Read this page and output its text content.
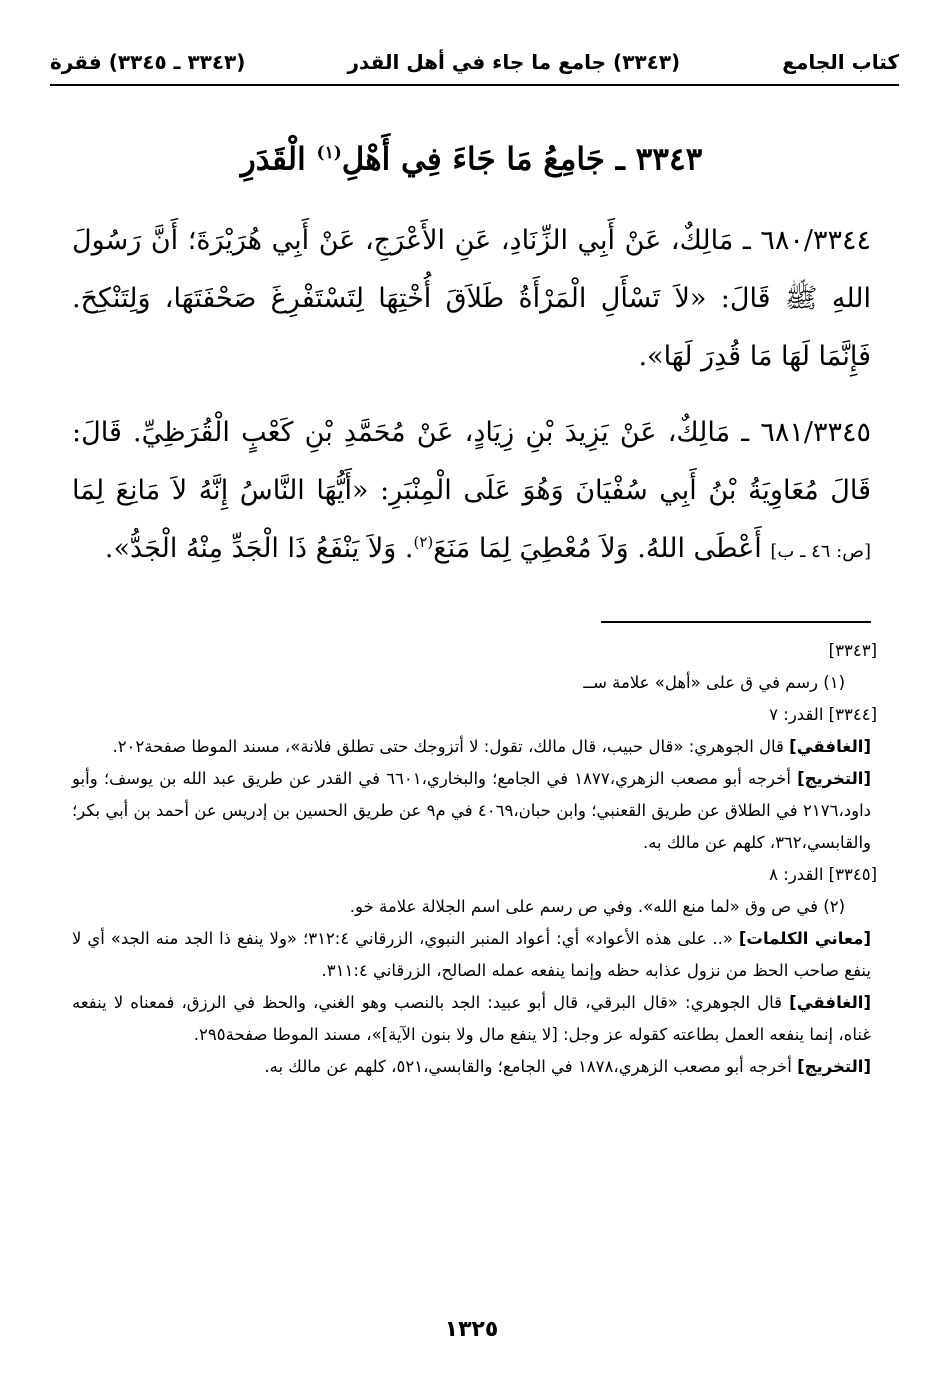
كتاب الجامع
(٣٣٤٣) جامع ما جاء في أهل القدر
(٣٣٤٣ ـ ٣٣٤٥) فقرة
٣٣٤٣ ـ جَامِعُ مَا جَاءَ فِي أَهْلِ$^{(١)}$ الْقَدَرِ

٦٨٠/٣٣٤٤ ـ مَالِكٌ، عَنْ أَبِي الزِّنَادِ، عَنِ الأَعْرَجِ، عَنْ أَبِي هُرَيْرَةَ؛ أَنَّ رَسُولَ اللهِ ﷺ قَالَ: «لاَ تَسْأَلِ الْمَرْأَةُ طَلاَقَ أُخْتِهَا لِتَسْتَفْرِغَ صَحْفَتَهَا، وَلِتَنْكِحَ. فَإِنَّمَا لَهَا مَا قُدِرَ لَهَا».

٦٨١/٣٣٤٥ ـ مَالِكٌ، عَنْ يَزِيدَ بْنِ زِيَادٍ، عَنْ مُحَمَّدِ بْنِ كَعْبٍ الْقُرَظِيِّ. قَالَ: قَالَ مُعَاوِيَةُ بْنُ أَبِي سُفْيَانَ وَهُوَ عَلَى الْمِنْبَرِ: «أَيُّهَا النَّاسُ إِنَّهُ لاَ مَانِعَ لِمَا [ص: ٤٦ ـ ب] أَعْطَى اللهُ. وَلاَ مُعْطِيَ لِمَا مَنَعَ$^{(٢)}$. وَلاَ يَنْفَعُ ذَا الْجَدِّ مِنْهُ الْجَدُّ».

[٣٣٤٣]

(١) رسم في ق على «أهل» علامة ســ

[٣٣٤٤] القدر: ٧

[الغافقي] قال الجوهري: «قال حبيب، قال مالك، تقول: لا أتزوجك حتى تطلق فلانة»، مسند الموطا صفحة٢٠٢.

[التخريج] أخرجه أبو مصعب الزهري،١٨٧٧ في الجامع؛ والبخاري،٦٦٠١ في القدر عن طريق عبد الله بن يوسف؛ وأبو داود،٢١٧٦ في الطلاق عن طريق القعنبي؛ وابن حبان،٤٠٦٩ في م٩ عن طريق الحسين بن إدريس عن أحمد بن أبي بكر؛ والقابسي،٣٦٢، كلهم عن مالك به.

[٣٣٤٥] القدر: ٨

(٢) في ص وق «لما منع الله». وفي ص رسم على اسم الجلالة علامة خو.

[معاني الكلمات] «.. على هذه الأعواد» أي: أعواد المنبر النبوي، الزرقاني ٣١٢:٤؛ «ولا ينفع ذا الجد منه الجد» أي لا ينفع صاحب الحظ من نزول عذابه حظه وإنما ينفعه عمله الصالح، الزرقاني ٣١١:٤.

[الغافقي] قال الجوهري: «قال البرقي، قال أبو عبيد: الجد بالنصب وهو الغني، والحظ في الرزق، فمعناه لا ينفعه غناه، إنما ينفعه العمل بطاعته كقوله عز وجل: [لا ينفع مال ولا بنون الآية]»، مسند الموطا صفحة٢٩٥.

[التخريج] أخرجه أبو مصعب الزهري،١٨٧٨ في الجامع؛ والقابسي،٥٢١، كلهم عن مالك به.

١٣٢٥
